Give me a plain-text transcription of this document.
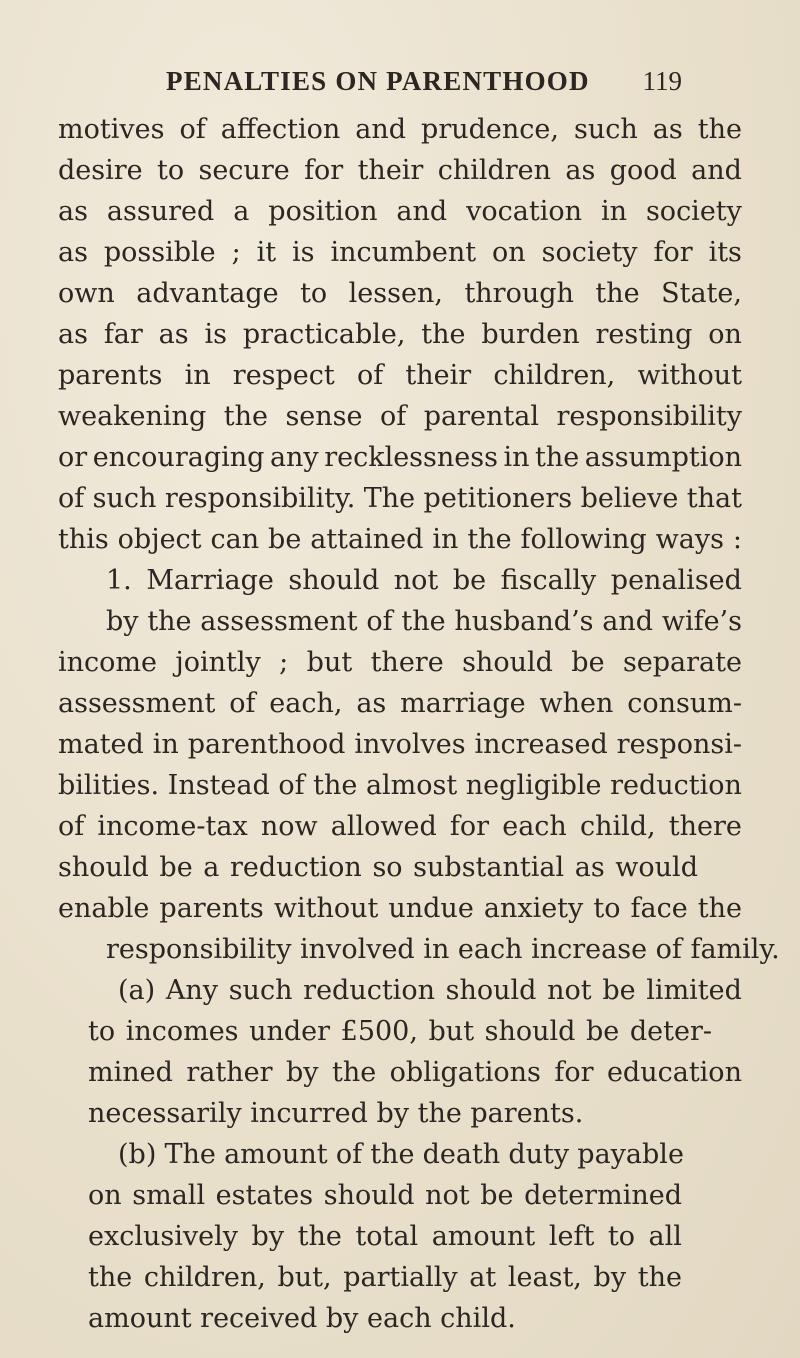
PENALTIES ON PARENTHOOD 119
motives of affection and prudence, such as the
desire to secure for their children as good and
as assured a position and vocation in society
as possible ; it is incumbent on society for its
own advantage to lessen, through the State,
as far as is practicable, the burden resting on
parents in respect of their children, without
weakening the sense of parental responsibility
or encouraging any recklessness in the assumption
of such responsibility. The petitioners believe that
this object can be attained in the following ways :
1. Marriage should not be fiscally penalised
by the assessment of the husband’s and wife’s
income jointly ; but there should be separate
assessment of each, as marriage when consum-
mated in parenthood involves increased responsi-
bilities. Instead of the almost negligible reduction
of income-tax now allowed for each child, there
should be a reduction so substantial as would
enable parents without undue anxiety to face the
responsibility involved in each increase of family.
(a) Any such reduction should not be limited
to incomes under £500, but should be deter-
mined rather by the obligations for education
necessarily incurred by the parents.
(b) The amount of the death duty payable
on small estates should not be determined
exclusively by the total amount left to all
the children, but, partially at least, by the
amount received by each child.
